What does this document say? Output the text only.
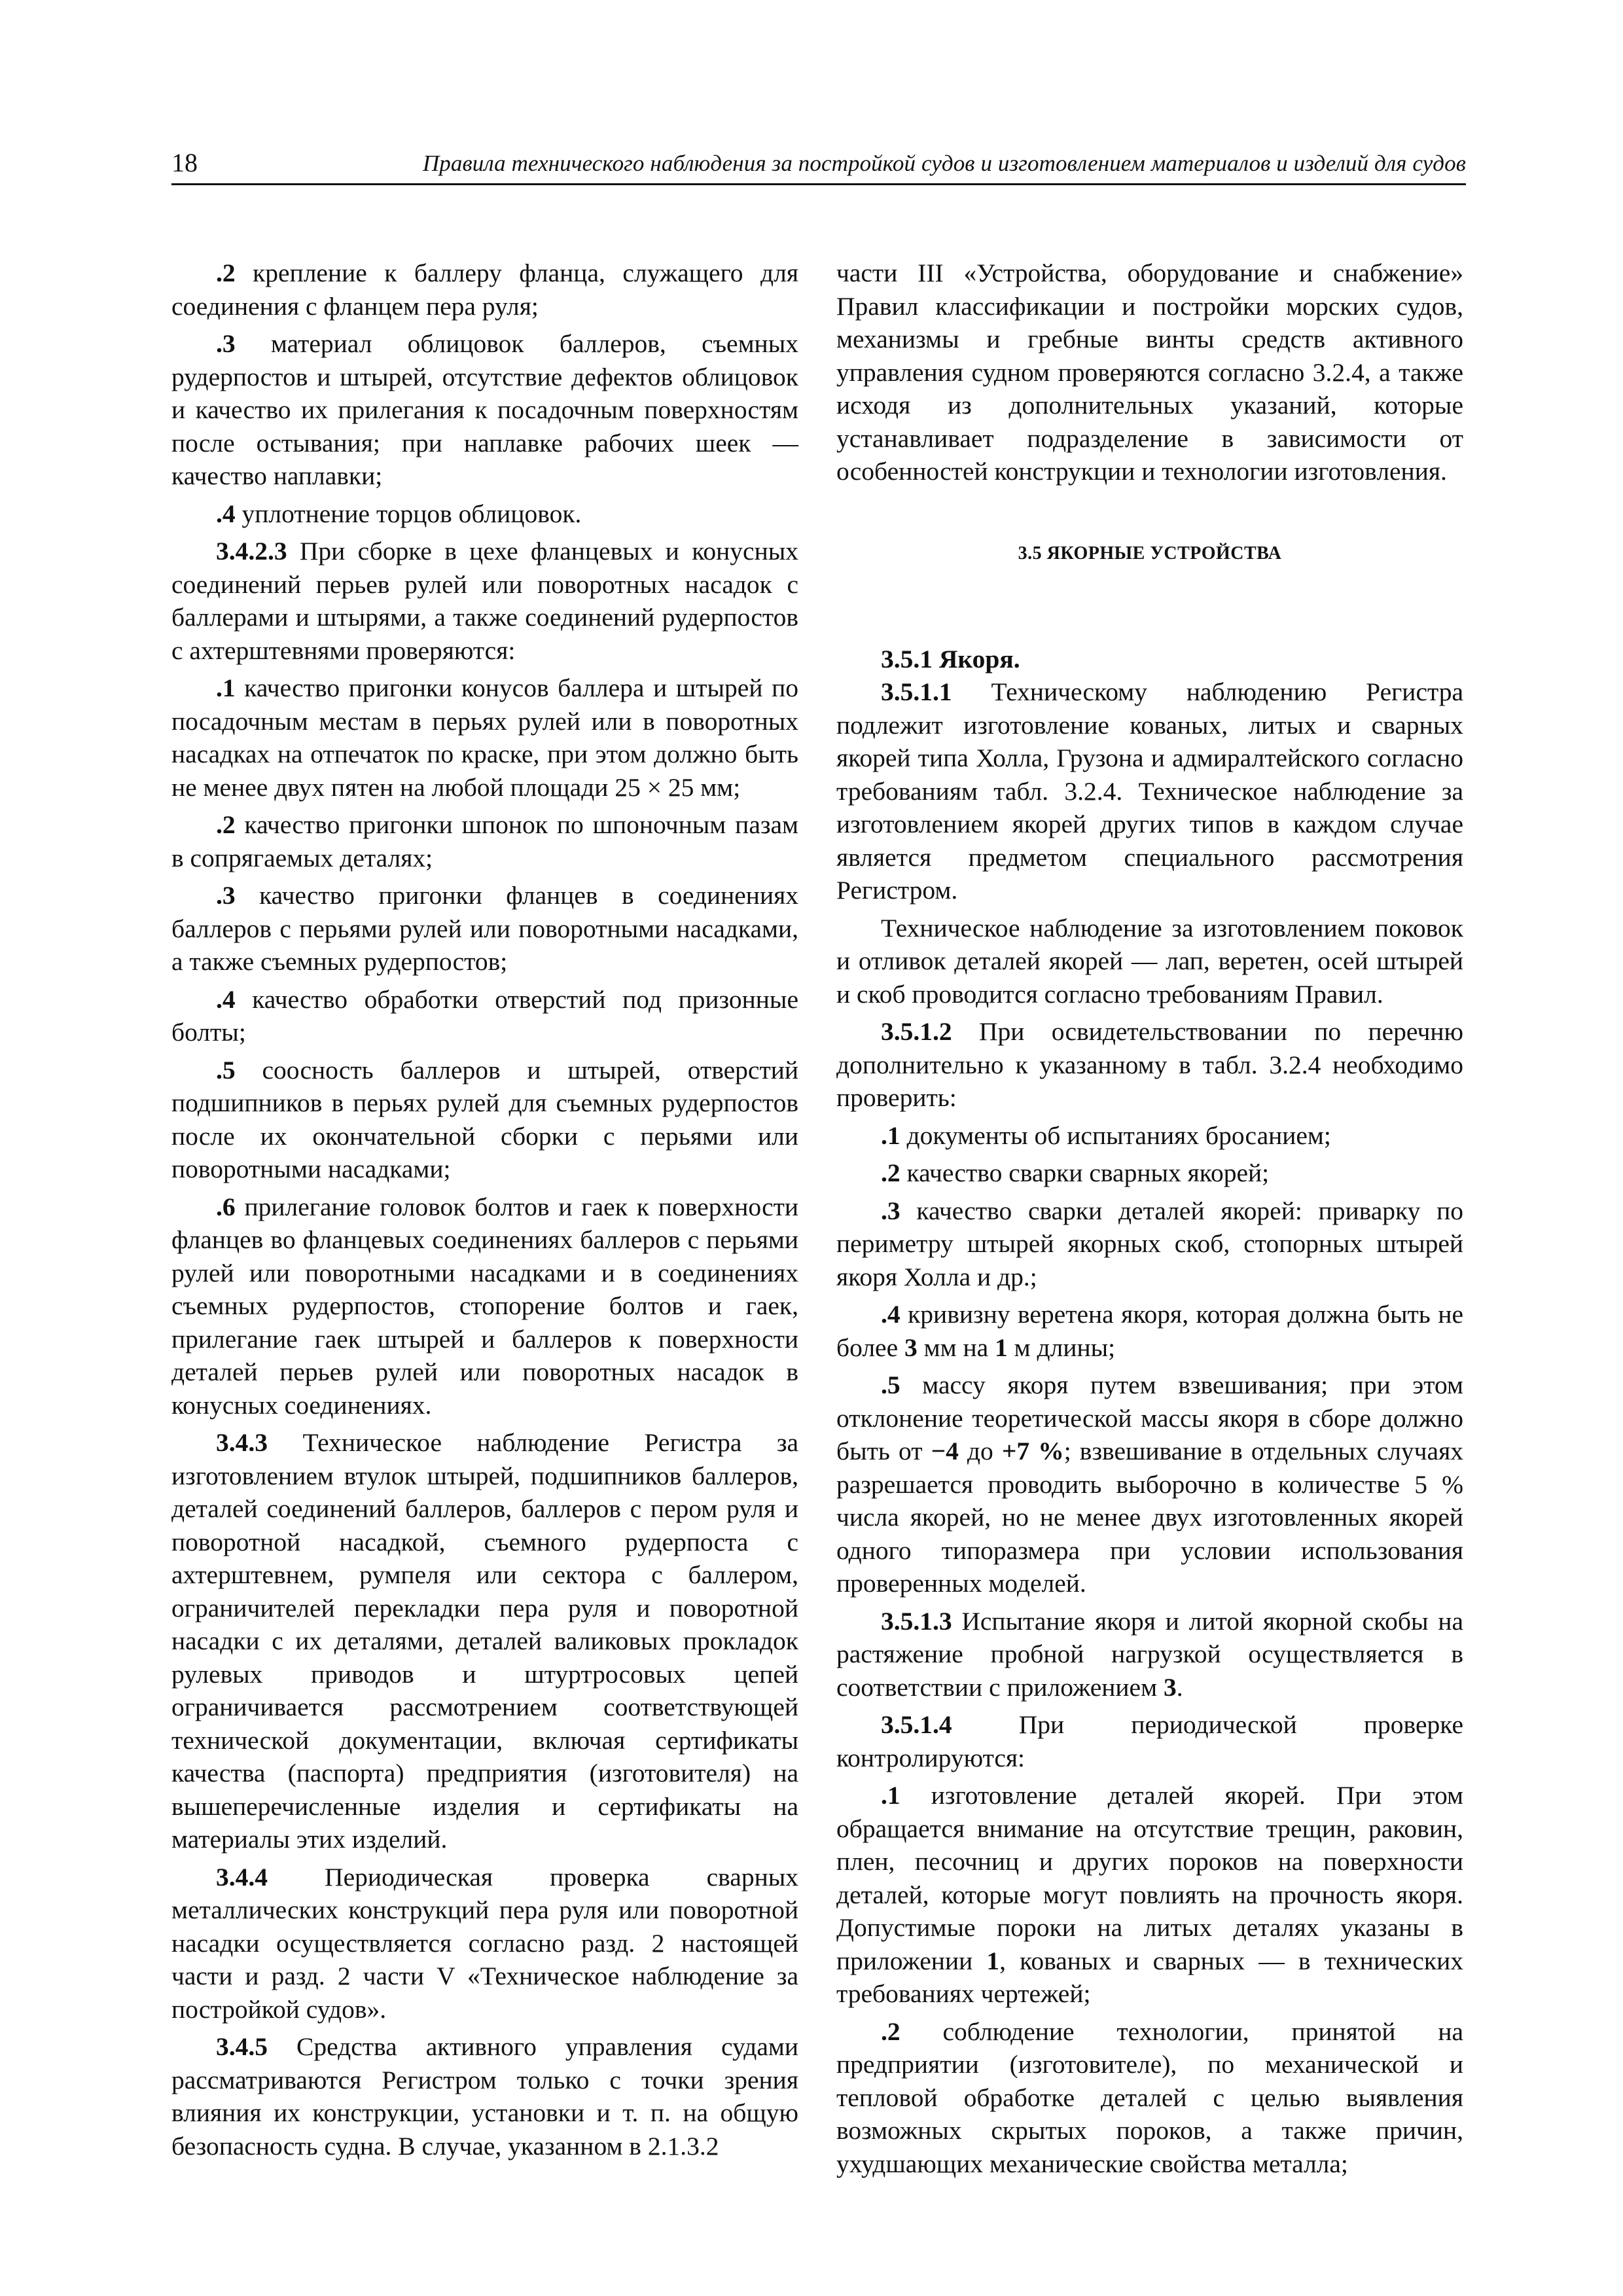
18	Правила технического наблюдения за постройкой судов и изготовлением материалов и изделий для судов

.2 крепление к баллеру фланца, служащего для соединения с фланцем пера руля;

.3 материал облицовок баллеров, съемных рудерпостов и штырей, отсутствие дефектов облицовок и качество их прилегания к посадочным поверхностям после остывания; при наплавке рабочих шеек — качество наплавки;

.4 уплотнение торцов облицовок.

3.4.2.3 При сборке в цехе фланцевых и конусных соединений перьев рулей или поворотных насадок с баллерами и штырями, а также соединений рудерпостов с ахтерштевнями проверяются:

.1 качество пригонки конусов баллера и штырей по посадочным местам в перьях рулей или в поворотных насадках на отпечаток по краске, при этом должно быть не менее двух пятен на любой площади 25 × 25 мм;

.2 качество пригонки шпонок по шпоночным пазам в сопрягаемых деталях;

.3 качество пригонки фланцев в соединениях баллеров с перьями рулей или поворотными насадками, а также съемных рудерпостов;

.4 качество обработки отверстий под призонные болты;

.5 соосность баллеров и штырей, отверстий подшипников в перьях рулей для съемных рудерпостов после их окончательной сборки с перьями или поворотными насадками;

.6 прилегание головок болтов и гаек к поверхности фланцев во фланцевых соединениях баллеров с перьями рулей или поворотными насадками и в соединениях съемных рудерпостов, стопорение болтов и гаек, прилегание гаек штырей и баллеров к поверхности деталей перьев рулей или поворотных насадок в конусных соединениях.

3.4.3 Техническое наблюдение Регистра за изготовлением втулок штырей, подшипников баллеров, деталей соединений баллеров, баллеров с пером руля и поворотной насадкой, съемного рудерпоста с ахтерштевнем, румпеля или сектора с баллером, ограничителей перекладки пера руля и поворотной насадки с их деталями, деталей валиковых прокладок рулевых приводов и штуртросовых цепей ограничивается рассмотрением соответствующей технической документации, включая сертификаты качества (паспорта) предприятия (изготовителя) на вышеперечисленные изделия и сертификаты на материалы этих изделий.

3.4.4 Периодическая проверка сварных металлических конструкций пера руля или поворотной насадки осуществляется согласно разд. 2 настоящей части и разд. 2 части V «Техническое наблюдение за постройкой судов».

3.4.5 Средства активного управления судами рассматриваются Регистром только с точки зрения влияния их конструкции, установки и т. п. на общую безопасность судна. В случае, указанном в 2.1.3.2

части III «Устройства, оборудование и снабжение» Правил классификации и постройки морских судов, механизмы и гребные винты средств активного управления судном проверяются согласно 3.2.4, а также исходя из дополнительных указаний, которые устанавливает подразделение в зависимости от особенностей конструкции и технологии изготовления.

3.5 ЯКОРНЫЕ УСТРОЙСТВА

3.5.1 Якоря.

3.5.1.1 Техническому наблюдению Регистра подлежит изготовление кованых, литых и сварных якорей типа Холла, Грузона и адмиралтейского согласно требованиям табл. 3.2.4. Техническое наблюдение за изготовлением якорей других типов в каждом случае является предметом специального рассмотрения Регистром.

Техническое наблюдение за изготовлением поковок и отливок деталей якорей — лап, веретен, осей штырей и скоб проводится согласно требованиям Правил.

3.5.1.2 При освидетельствовании по перечню дополнительно к указанному в табл. 3.2.4 необходимо проверить:

.1 документы об испытаниях бросанием;

.2 качество сварки сварных якорей;

.3 качество сварки деталей якорей: приварку по периметру штырей якорных скоб, стопорных штырей якоря Холла и др.;

.4 кривизну веретена якоря, которая должна быть не более 3 мм на 1 м длины;

.5 массу якоря путем взвешивания; при этом отклонение теоретической массы якоря в сборе должно быть от −4 до +7 %; взвешивание в отдельных случаях разрешается проводить выборочно в количестве 5 % числа якорей, но не менее двух изготовленных якорей одного типоразмера при условии использования проверенных моделей.

3.5.1.3 Испытание якоря и литой якорной скобы на растяжение пробной нагрузкой осуществляется в соответствии с приложением 3.

3.5.1.4 При периодической проверке контролируются:

.1 изготовление деталей якорей. При этом обращается внимание на отсутствие трещин, раковин, плен, песочниц и других пороков на поверхности деталей, которые могут повлиять на прочность якоря. Допустимые пороки на литых деталях указаны в приложении 1, кованых и сварных — в технических требованиях чертежей;

.2 соблюдение технологии, принятой на предприятии (изготовителе), по механической и тепловой обработке деталей с целью выявления возможных скрытых пороков, а также причин, ухудшающих механические свойства металла;
